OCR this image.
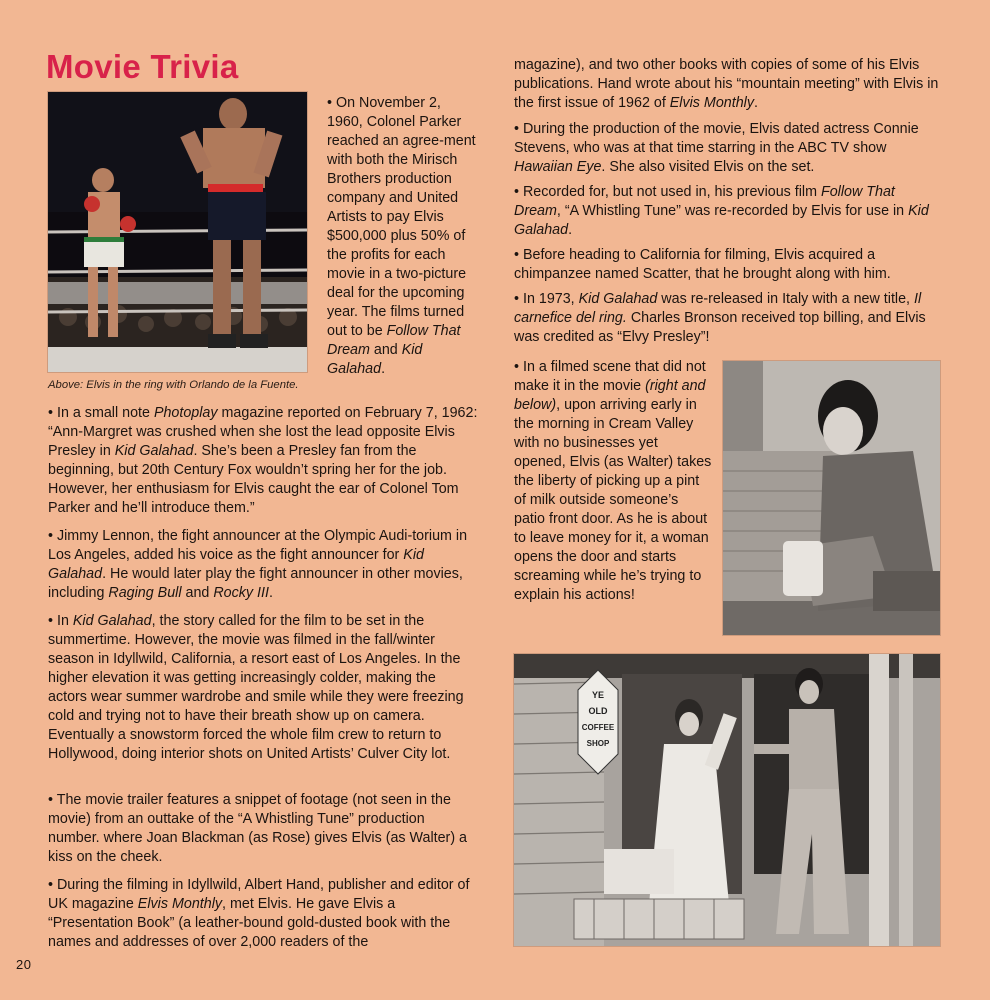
Movie Trivia
Above: Elvis in the ring with Orlando de la Fuente.

• On November 2, 1960, Colonel Parker reached an agree-ment with both the Mirisch Brothers production company and United Artists to pay Elvis $500,000 plus 50% of the profits for each movie in a two-picture deal for the upcoming year. The films turned out to be Follow That Dream and Kid Galahad.

• In a small note Photoplay magazine reported on February 7, 1962: “Ann-Margret was crushed when she lost the lead opposite Elvis Presley in Kid Galahad. She’s been a Presley fan from the beginning, but 20th Century Fox wouldn’t spring her for the job. However, her enthusiasm for Elvis caught the ear of Colonel Tom Parker and he’ll introduce them.”

• Jimmy Lennon, the fight announcer at the Olympic Audi-torium in Los Angeles, added his voice as the fight announcer for Kid Galahad. He would later play the fight announcer in other movies, including Raging Bull and Rocky III.

• In Kid Galahad, the story called for the film to be set in the summertime. However, the movie was filmed in the fall/winter season in Idyllwild, California, a resort east of Los Angeles. In the higher elevation it was getting increasingly colder, making the actors wear summer wardrobe and smile while they were freezing cold and trying not to have their breath show up on camera. Eventually a snowstorm forced the whole film crew to return to Hollywood, doing interior shots on United Artists’ Culver City lot.

• The movie trailer features a snippet of footage (not seen in the movie) from an outtake of the “A Whistling Tune” production number. where Joan Blackman (as Rose) gives Elvis (as Walter) a kiss on the cheek.

• During the filming in Idyllwild, Albert Hand, publisher and editor of UK magazine Elvis Monthly, met Elvis. He gave Elvis a “Presentation Book” (a leather-bound gold-dusted book with the names and addresses of over 2,000 readers of the

magazine), and two other books with copies of some of his Elvis publications. Hand wrote about his “mountain meeting” with Elvis in the first issue of 1962 of Elvis Monthly.

• During the production of the movie, Elvis dated actress Connie Stevens, who was at that time starring in the ABC TV show Hawaiian Eye. She also visited Elvis on the set.

• Recorded for, but not used in, his previous film Follow That Dream, “A Whistling Tune” was re-recorded by Elvis for use in Kid Galahad.

• Before heading to California for filming, Elvis acquired a chimpanzee named Scatter, that he brought along with him.

• In 1973, Kid Galahad was re-released in Italy with a new title, Il carnefice del ring. Charles Bronson received top billing, and Elvis was credited as “Elvy Presley”!

• In a filmed scene that did not make it in the movie (right and below), upon arriving early in the morning in Cream Valley with no businesses yet opened, Elvis (as Walter) takes the liberty of picking up a pint of milk outside someone’s patio front door. As he is about to leave money for it, a woman opens the door and starts screaming while he’s trying to explain his actions!

YE
OLD
COFFEE
SHOP
20
